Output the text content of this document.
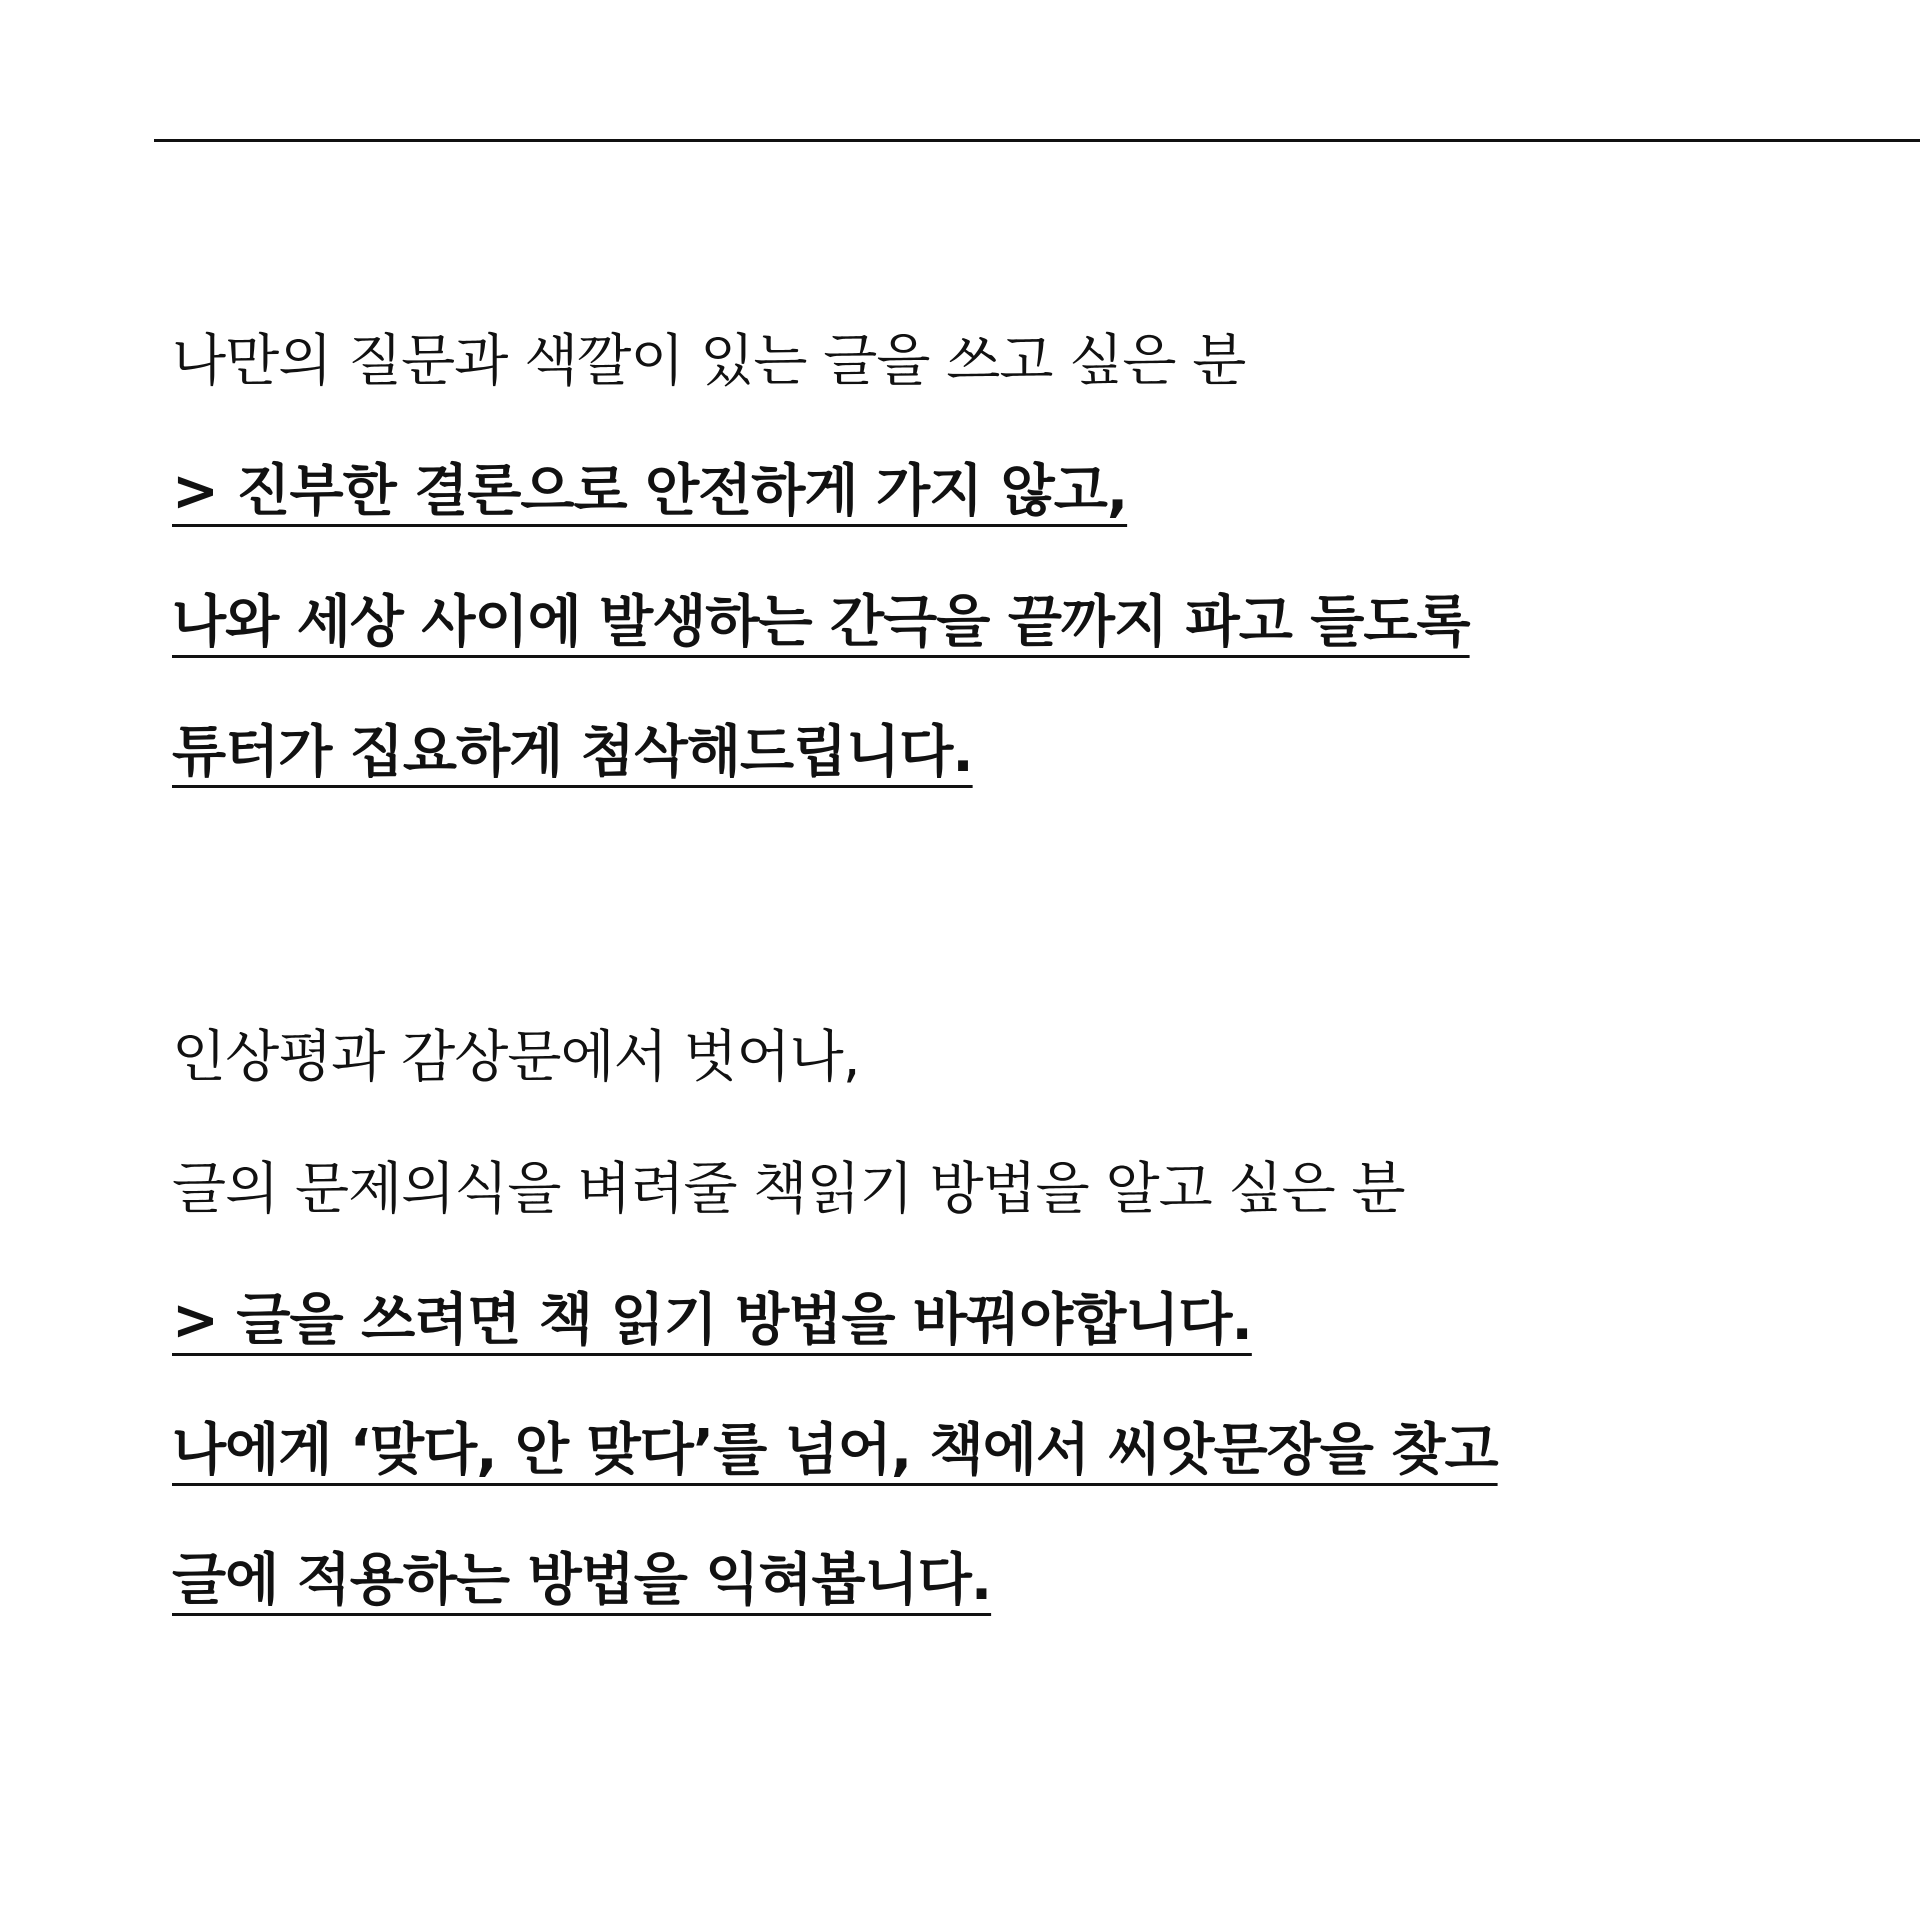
나만의 질문과 색깔이 있는 글을 쓰고 싶은 분
> 진부한 결론으로 안전하게 가지 않고,
나와 세상 사이에 발생하는 간극을 끝까지 파고 들도록
튜터가 집요하게 첨삭해드립니다.
인상평과 감상문에서 벗어나,
글의 문제의식을 벼려줄 책읽기 방법을 알고 싶은 분
> 글을 쓰려면 책 읽기 방법을 바꿔야합니다.
나에게 ‘맞다, 안 맞다’를 넘어, 책에서 씨앗문장을 찾고
글에 적용하는 방법을 익혀봅니다.
